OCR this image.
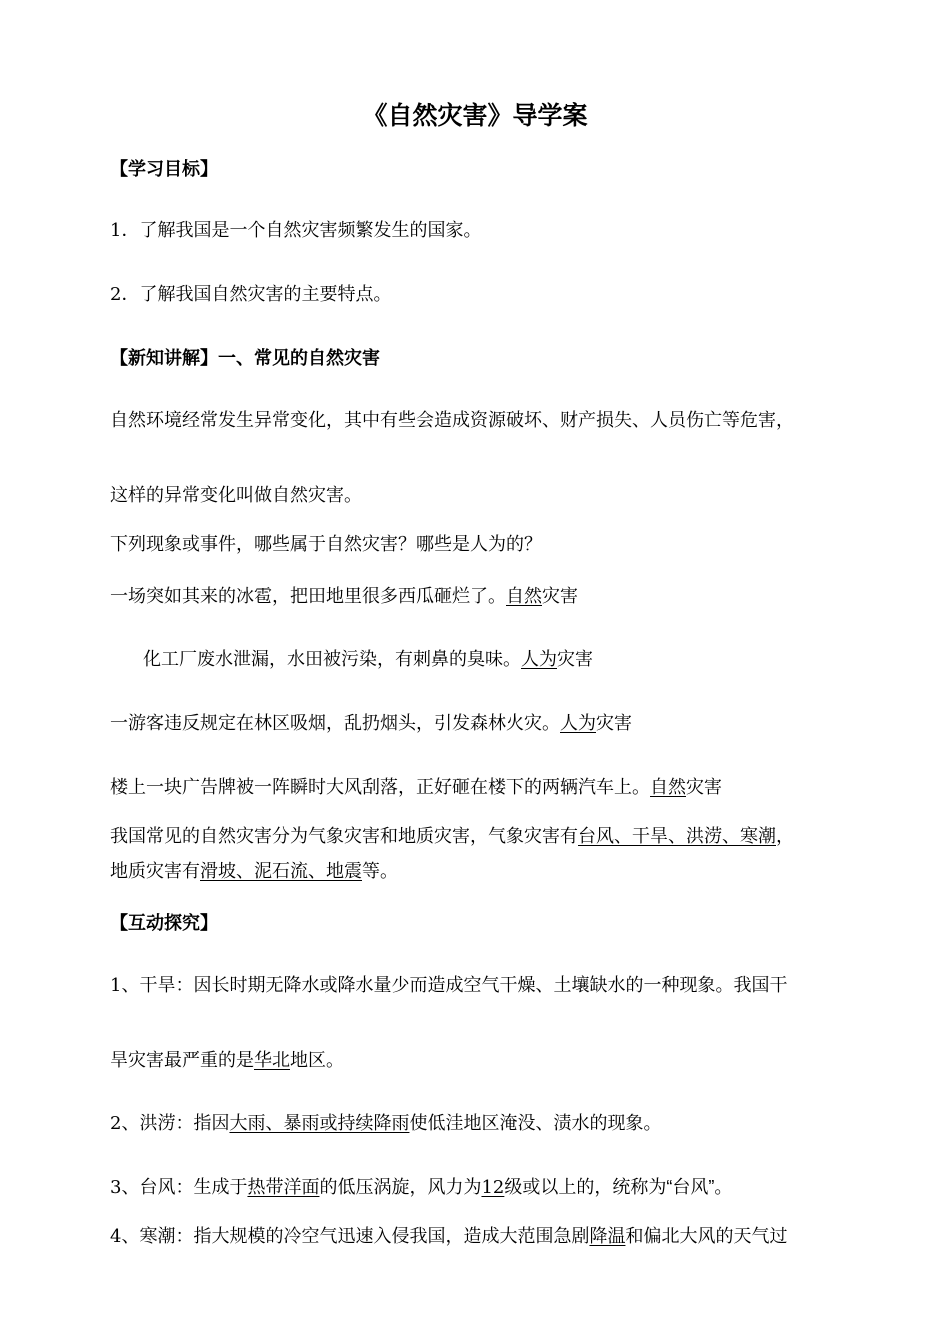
《自然灾害》导学案
【学习目标】
1．了解我国是一个自然灾害频繁发生的国家。
2．了解我国自然灾害的主要特点。
【新知讲解】一、常见的自然灾害
自然环境经常发生异常变化，其中有些会造成资源破坏、财产损失、人员伤亡等危害，
这样的异常变化叫做自然灾害。
下列现象或事件，哪些属于自然灾害？哪些是人为的？
一场突如其来的冰雹，把田地里很多西瓜砸烂了。自然灾害
化工厂废水泄漏，水田被污染，有刺鼻的臭味。人为灾害
一游客违反规定在林区吸烟，乱扔烟头，引发森林火灾。人为灾害
楼上一块广告牌被一阵瞬时大风刮落，正好砸在楼下的两辆汽车上。自然灾害
我国常见的自然灾害分为气象灾害和地质灾害，气象灾害有台风、干旱、洪涝、寒潮，
地质灾害有滑坡、泥石流、地震等。
【互动探究】
1、干旱：因长时期无降水或降水量少而造成空气干燥、土壤缺水的一种现象。我国干
旱灾害最严重的是华北地区。
2、洪涝：指因大雨、暴雨或持续降雨使低洼地区淹没、渍水的现象。
3、台风：生成于热带洋面的低压涡旋，风力为12级或以上的，统称为“台风”。
4、寒潮：指大规模的冷空气迅速入侵我国，造成大范围急剧降温和偏北大风的天气过
